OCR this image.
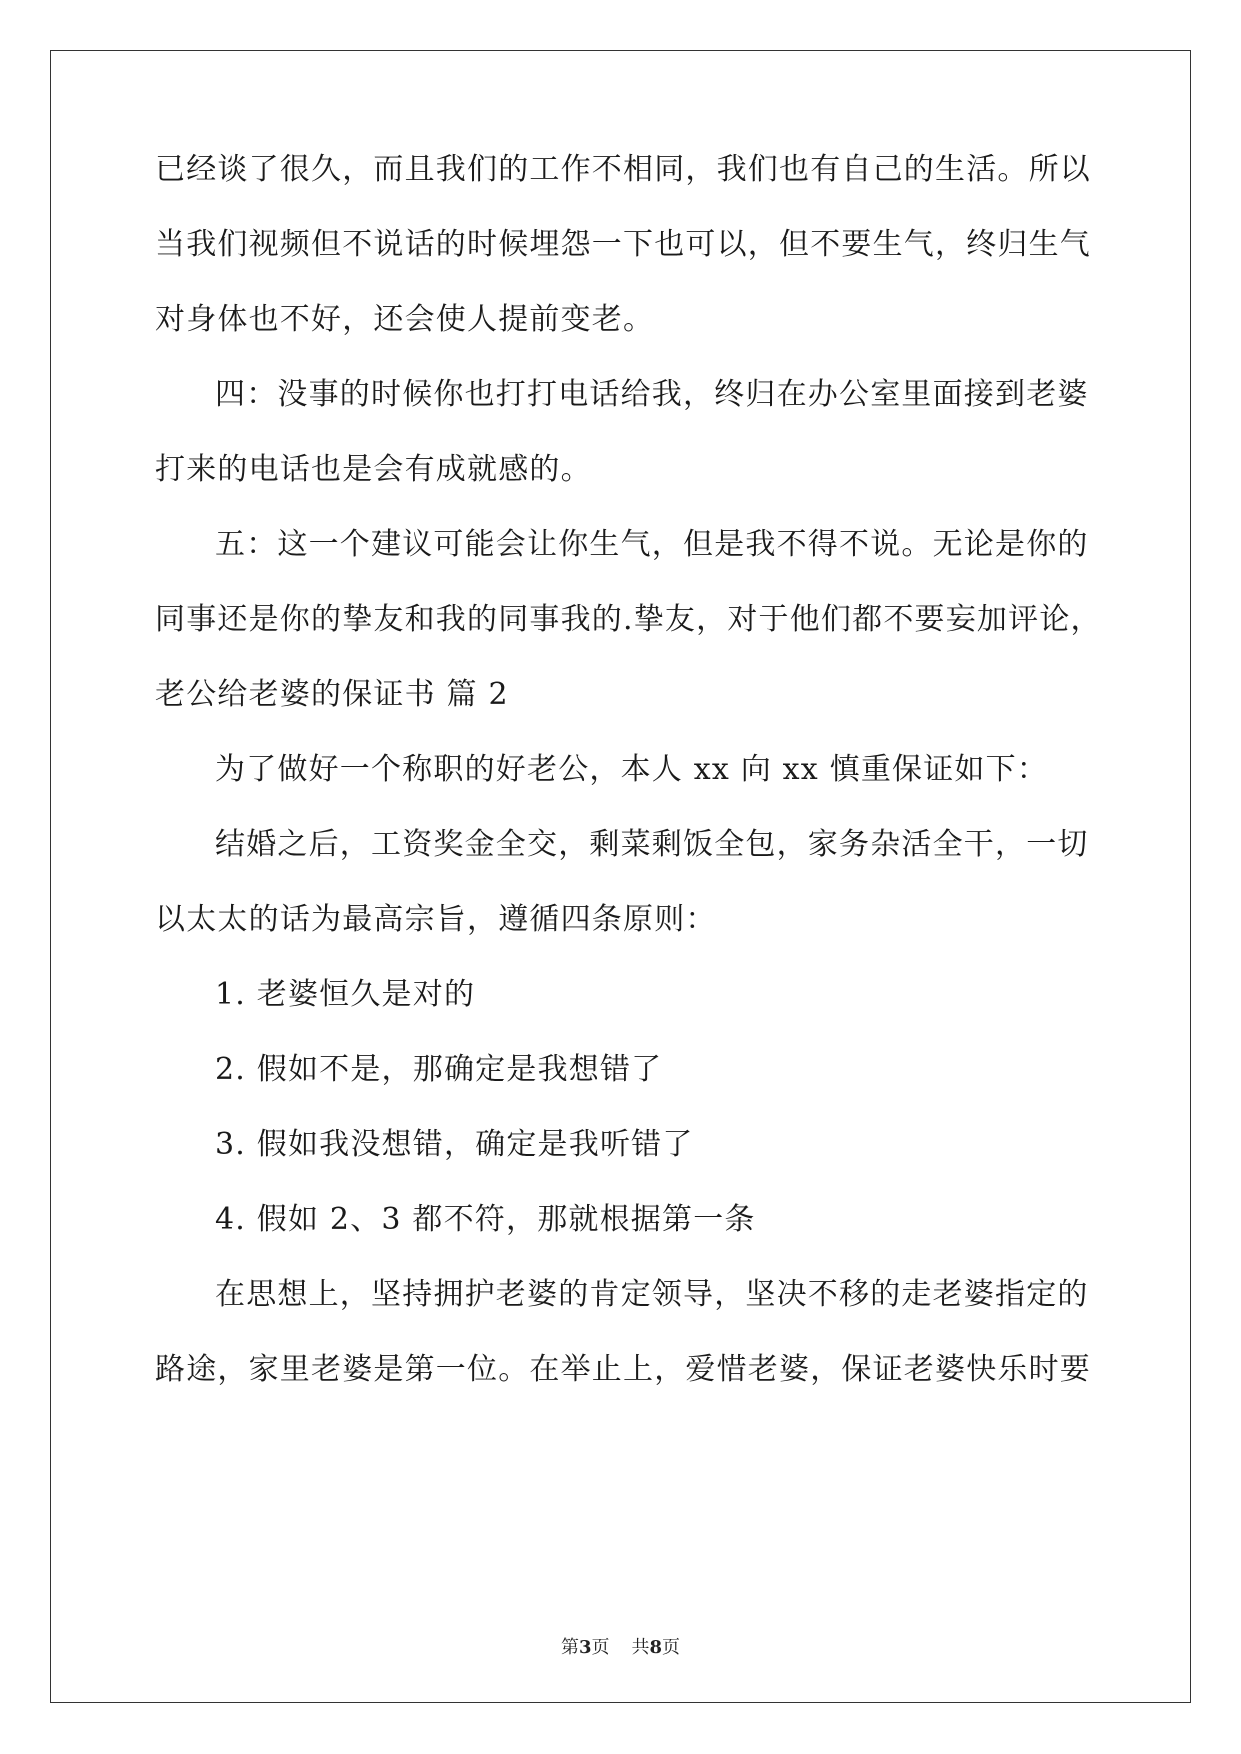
已经谈了很久，而且我们的工作不相同，我们也有自己的生活。所以
当我们视频但不说话的时候埋怨一下也可以，但不要生气，终归生气
对身体也不好，还会使人提前变老。
四：没事的时候你也打打电话给我，终归在办公室里面接到老婆
打来的电话也是会有成就感的。
五：这一个建议可能会让你生气，但是我不得不说。无论是你的
同事还是你的挚友和我的同事我的.挚友，对于他们都不要妄加评论，
老公给老婆的保证书 篇 2
为了做好一个称职的好老公，本人 xx 向 xx 慎重保证如下：
结婚之后，工资奖金全交，剩菜剩饭全包，家务杂活全干，一切
以太太的话为最高宗旨，遵循四条原则：
1. 老婆恒久是对的
2. 假如不是，那确定是我想错了
3. 假如我没想错，确定是我听错了
4. 假如 2、3 都不符，那就根据第一条
在思想上，坚持拥护老婆的肯定领导，坚决不移的走老婆指定的
路途，家里老婆是第一位。在举止上，爱惜老婆，保证老婆快乐时要
第3页 共8页
